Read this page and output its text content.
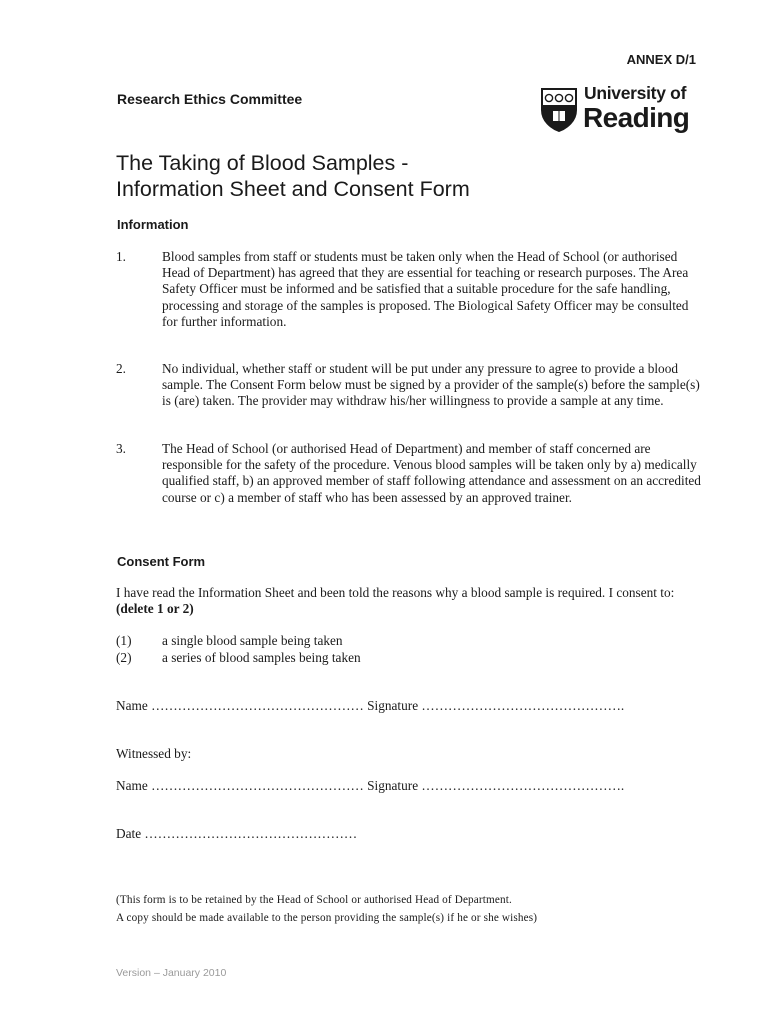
ANNEX D/1
Research Ethics Committee	University of
Reading
The Taking of Blood Samples -
Information Sheet and Consent Form
Information
1.	Blood samples from staff or students must be taken only when the Head of School (or authorised Head of Department) has agreed that they are essential for teaching or research purposes. The Area Safety Officer must be informed and be satisfied that a suitable procedure for the safe handling, processing and storage of the samples is proposed. The Biological Safety Officer may be consulted for further information.
2.	No individual, whether staff or student will be put under any pressure to agree to provide a blood sample. The Consent Form below must be signed by a provider of the sample(s) before the sample(s) is (are) taken. The provider may withdraw his/her willingness to provide a sample at any time.
3.	The Head of School (or authorised Head of Department) and member of staff concerned are responsible for the safety of the procedure. Venous blood samples will be taken only by a) medically qualified staff, b) an approved member of staff following attendance and assessment on an accredited course or c) a member of staff who has been assessed by an approved trainer.
Consent Form
I have read the Information Sheet and been told the reasons why a blood sample is required. I consent to: (delete 1 or 2)
(1) a single blood sample being taken
(2) a series of blood samples being taken
Name ………………………………………… Signature ……………………………………….
Witnessed by:
Name ………………………………………… Signature ……………………………………….
Date …………………………………………
(This form is to be retained by the Head of School or authorised Head of Department.
A copy should be made available to the person providing the sample(s) if he or she wishes)
Version – January 2010
